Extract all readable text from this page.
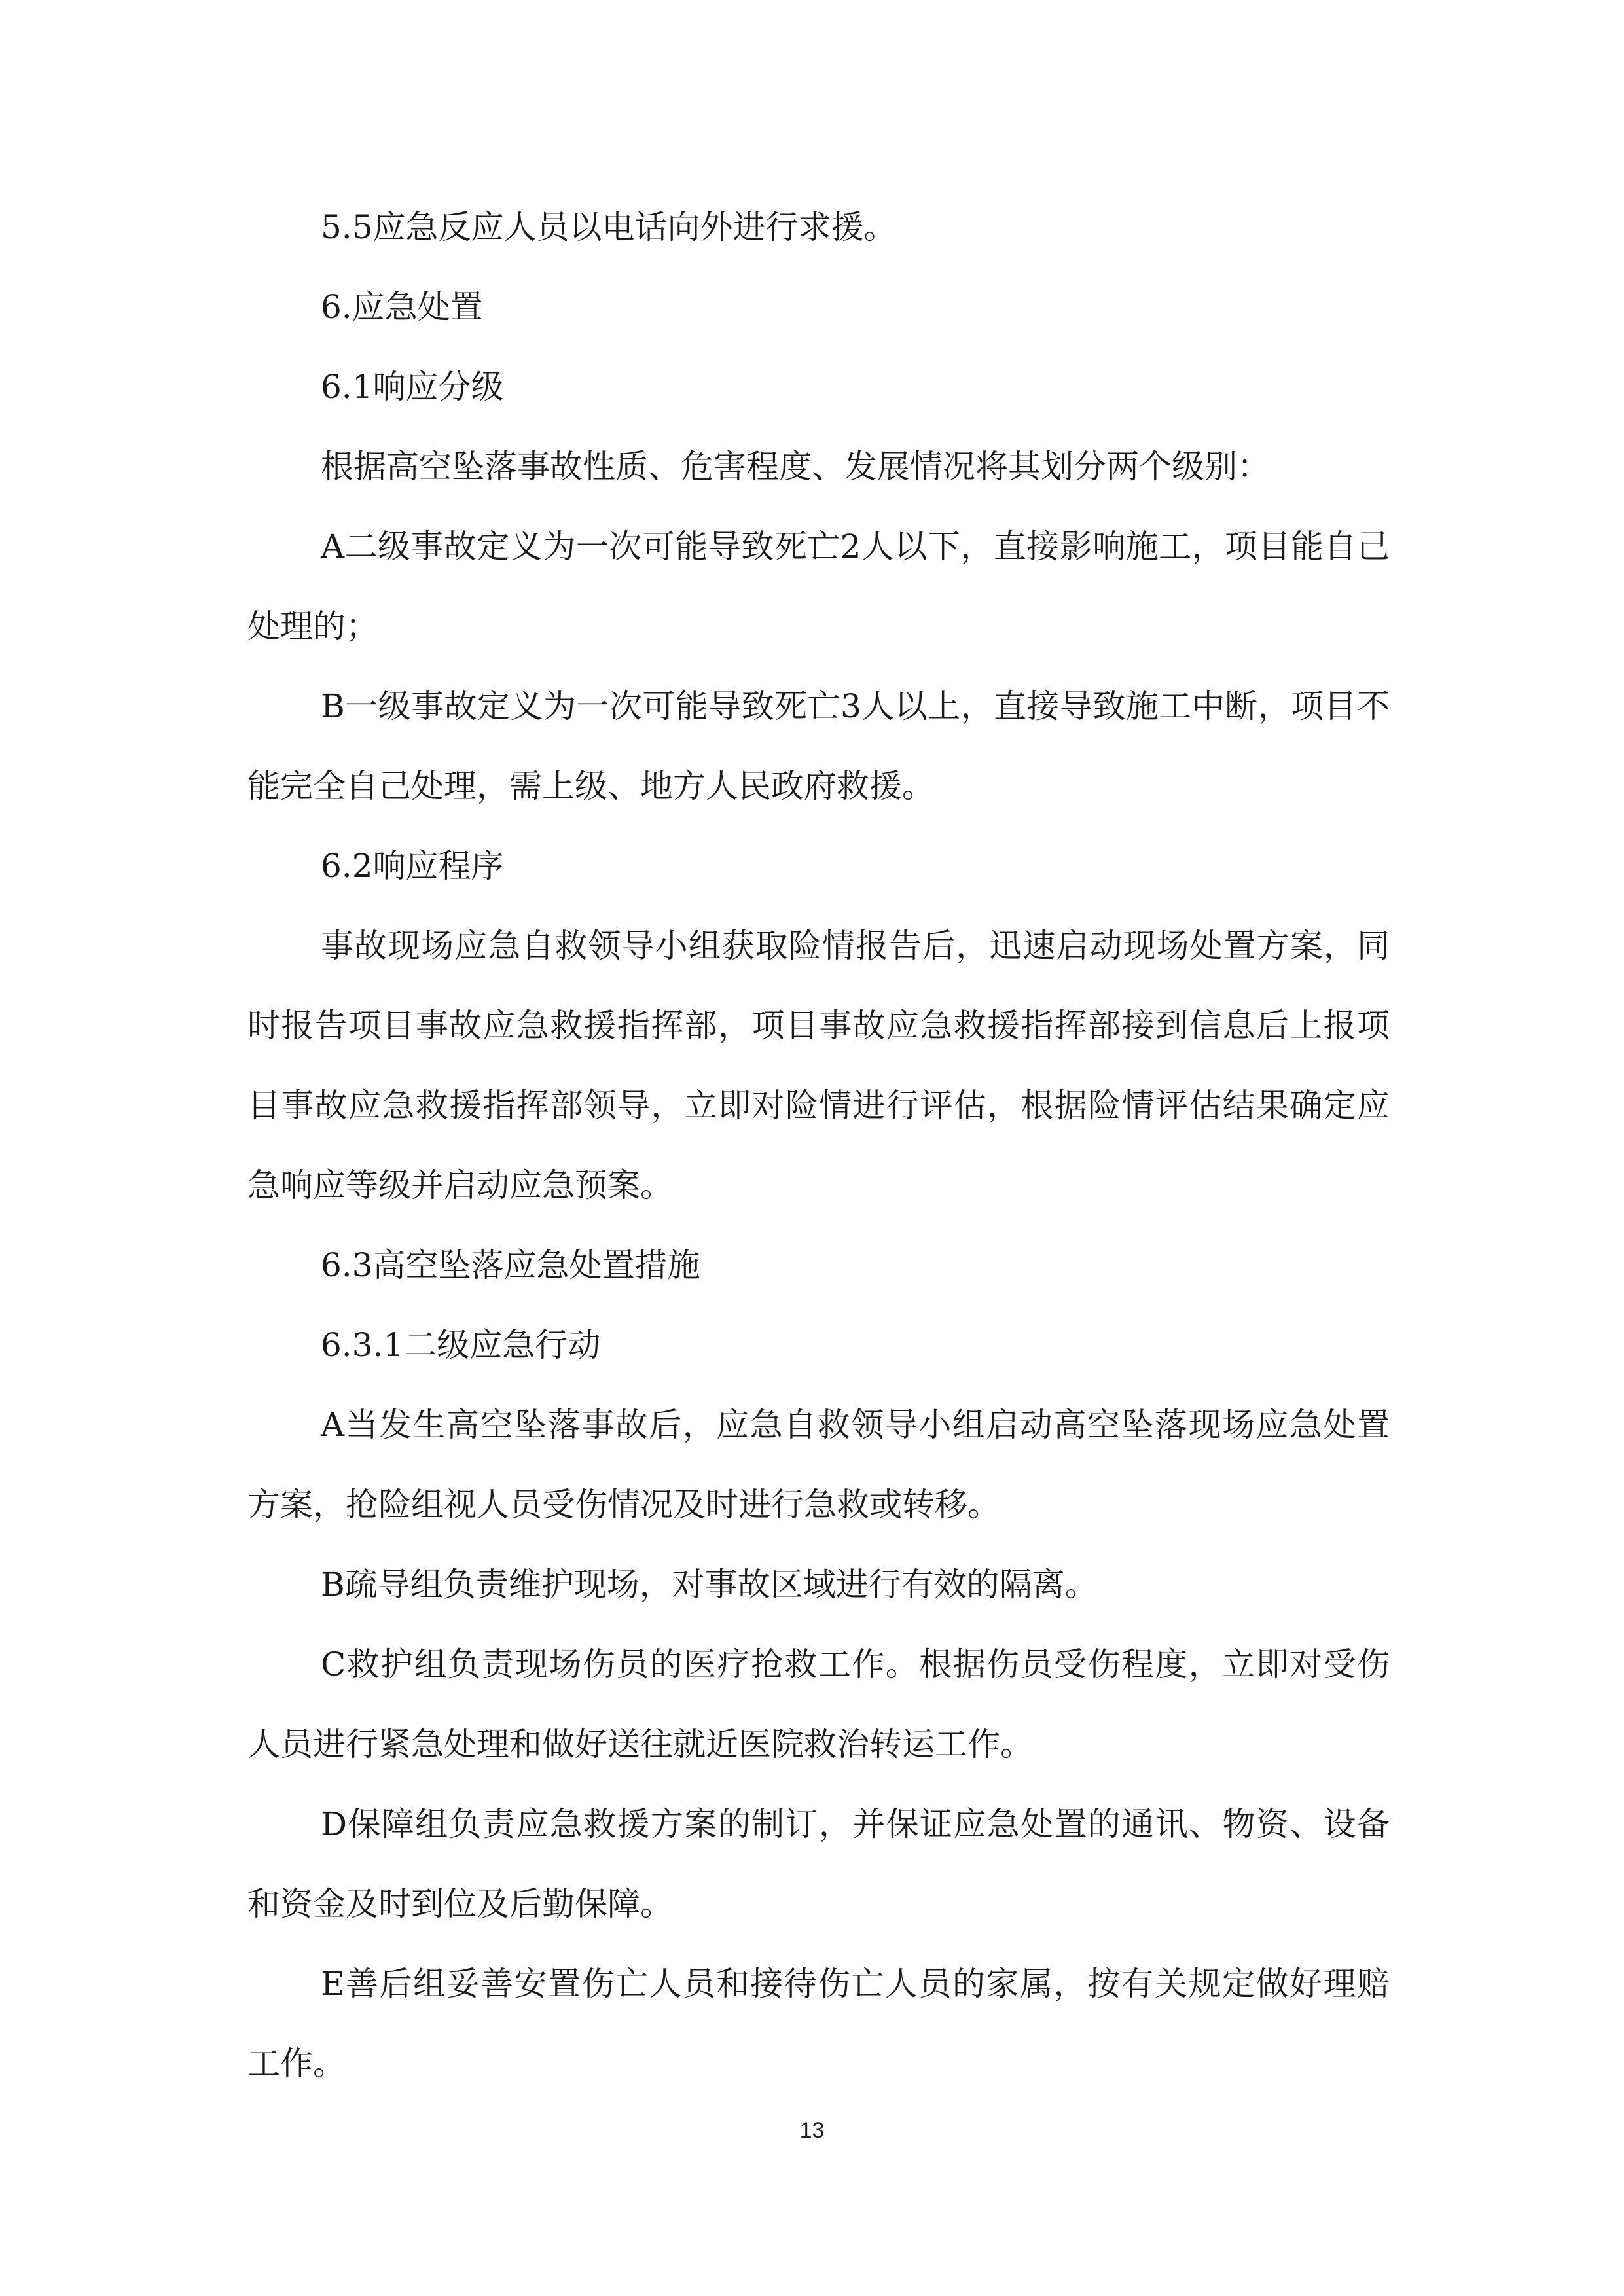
5.5应急反应人员以电话向外进行求援。

6.应急处置

6.1响应分级

根据高空坠落事故性质、危害程度、发展情况将其划分两个级别：

A二级事故定义为一次可能导致死亡2人以下，直接影响施工，项目能自己处理的；

B一级事故定义为一次可能导致死亡3人以上，直接导致施工中断，项目不能完全自己处理，需上级、地方人民政府救援。

6.2响应程序

事故现场应急自救领导小组获取险情报告后，迅速启动现场处置方案，同时报告项目事故应急救援指挥部，项目事故应急救援指挥部接到信息后上报项目事故应急救援指挥部领导，立即对险情进行评估，根据险情评估结果确定应急响应等级并启动应急预案。

6.3高空坠落应急处置措施

6.3.1二级应急行动

A当发生高空坠落事故后，应急自救领导小组启动高空坠落现场应急处置方案，抢险组视人员受伤情况及时进行急救或转移。

B疏导组负责维护现场，对事故区域进行有效的隔离。

C救护组负责现场伤员的医疗抢救工作。根据伤员受伤程度，立即对受伤人员进行紧急处理和做好送往就近医院救治转运工作。

D保障组负责应急救援方案的制订，并保证应急处置的通讯、物资、设备和资金及时到位及后勤保障。

E善后组妥善安置伤亡人员和接待伤亡人员的家属，按有关规定做好理赔工作。

13
